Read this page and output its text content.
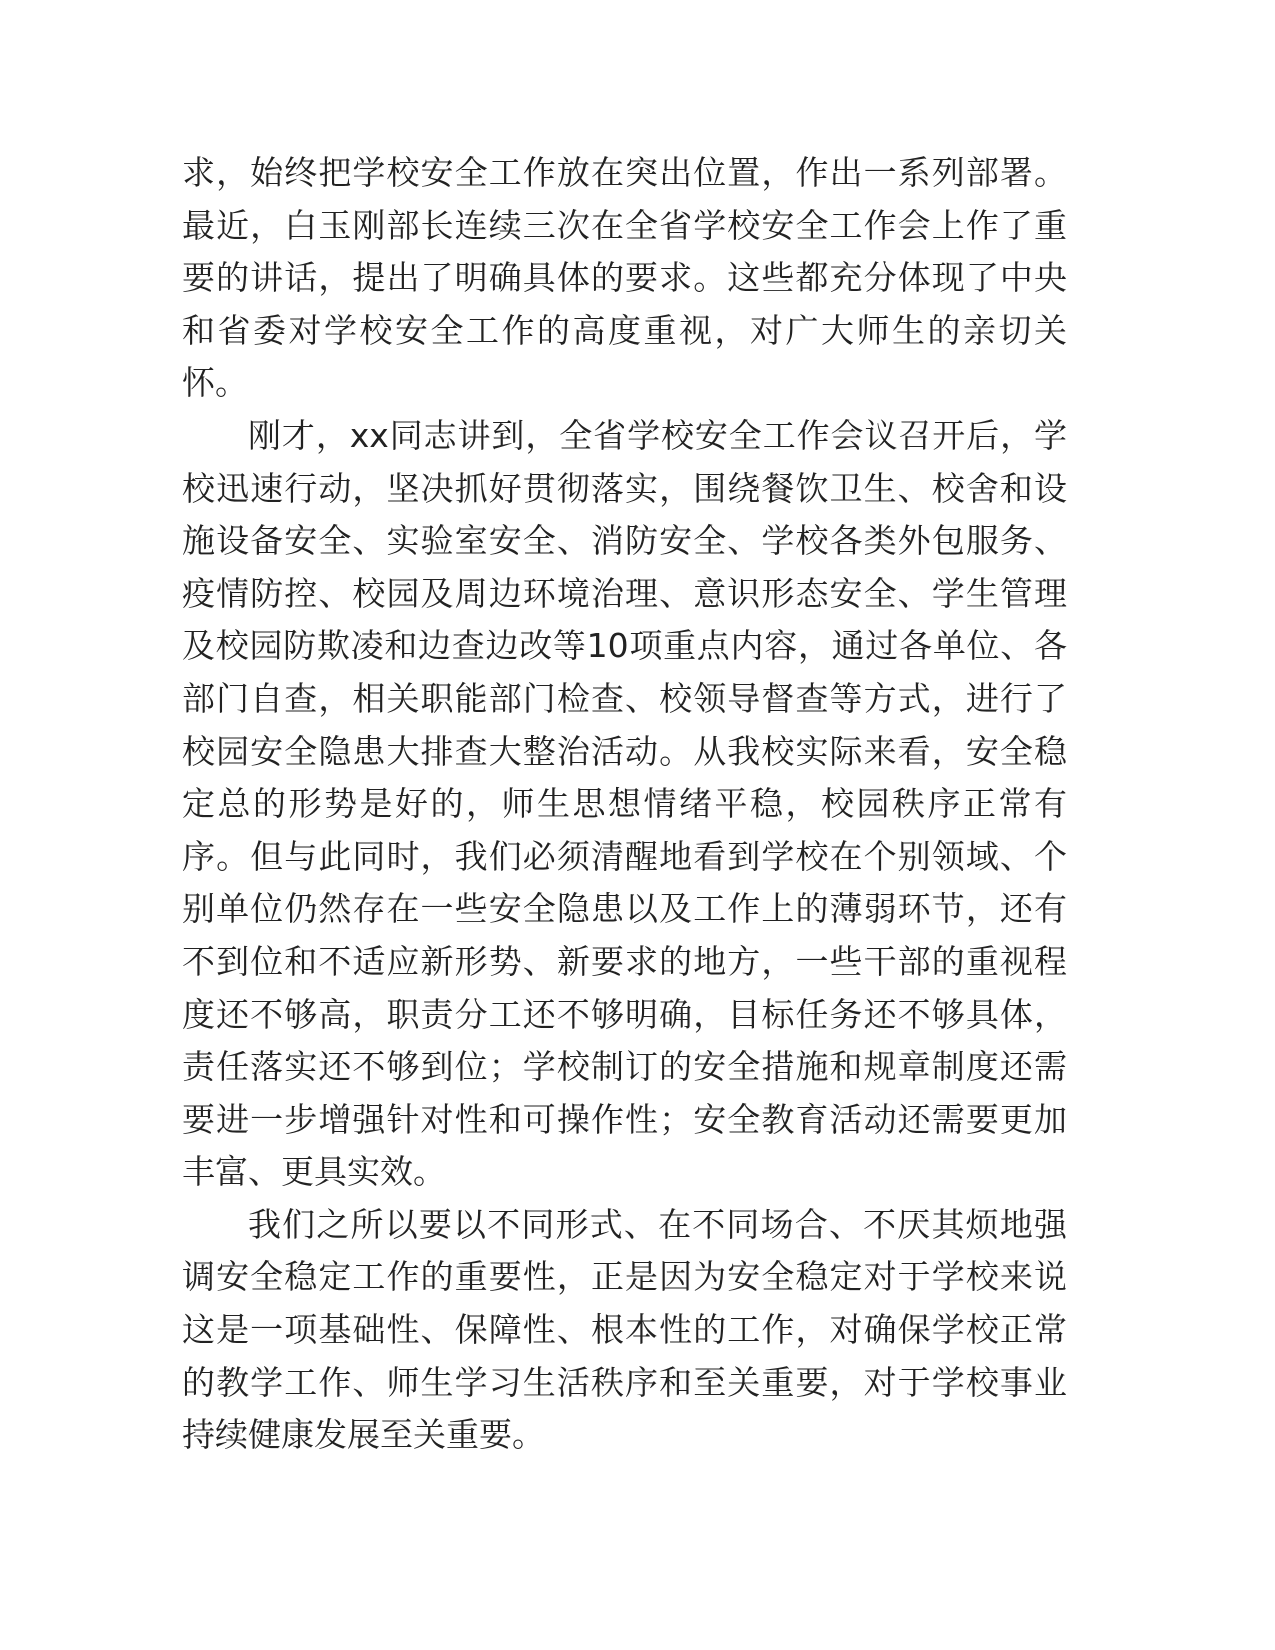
求，始终把学校安全工作放在突出位置，作出一系列部署。最近，白玉刚部长连续三次在全省学校安全工作会上作了重要的讲话，提出了明确具体的要求。这些都充分体现了中央和省委对学校安全工作的高度重视，对广大师生的亲切关怀。

刚才，xx同志讲到，全省学校安全工作会议召开后，学校迅速行动，坚决抓好贯彻落实，围绕餐饮卫生、校舍和设施设备安全、实验室安全、消防安全、学校各类外包服务、疫情防控、校园及周边环境治理、意识形态安全、学生管理及校园防欺凌和边查边改等10项重点内容，通过各单位、各部门自查，相关职能部门检查、校领导督查等方式，进行了校园安全隐患大排查大整治活动。从我校实际来看，安全稳定总的形势是好的，师生思想情绪平稳，校园秩序正常有序。但与此同时，我们必须清醒地看到学校在个别领域、个别单位仍然存在一些安全隐患以及工作上的薄弱环节，还有不到位和不适应新形势、新要求的地方，一些干部的重视程度还不够高，职责分工还不够明确，目标任务还不够具体，责任落实还不够到位；学校制订的安全措施和规章制度还需要进一步增强针对性和可操作性；安全教育活动还需要更加丰富、更具实效。

我们之所以要以不同形式、在不同场合、不厌其烦地强调安全稳定工作的重要性，正是因为安全稳定对于学校来说这是一项基础性、保障性、根本性的工作，对确保学校正常的教学工作、师生学习生活秩序和至关重要，对于学校事业持续健康发展至关重要。
